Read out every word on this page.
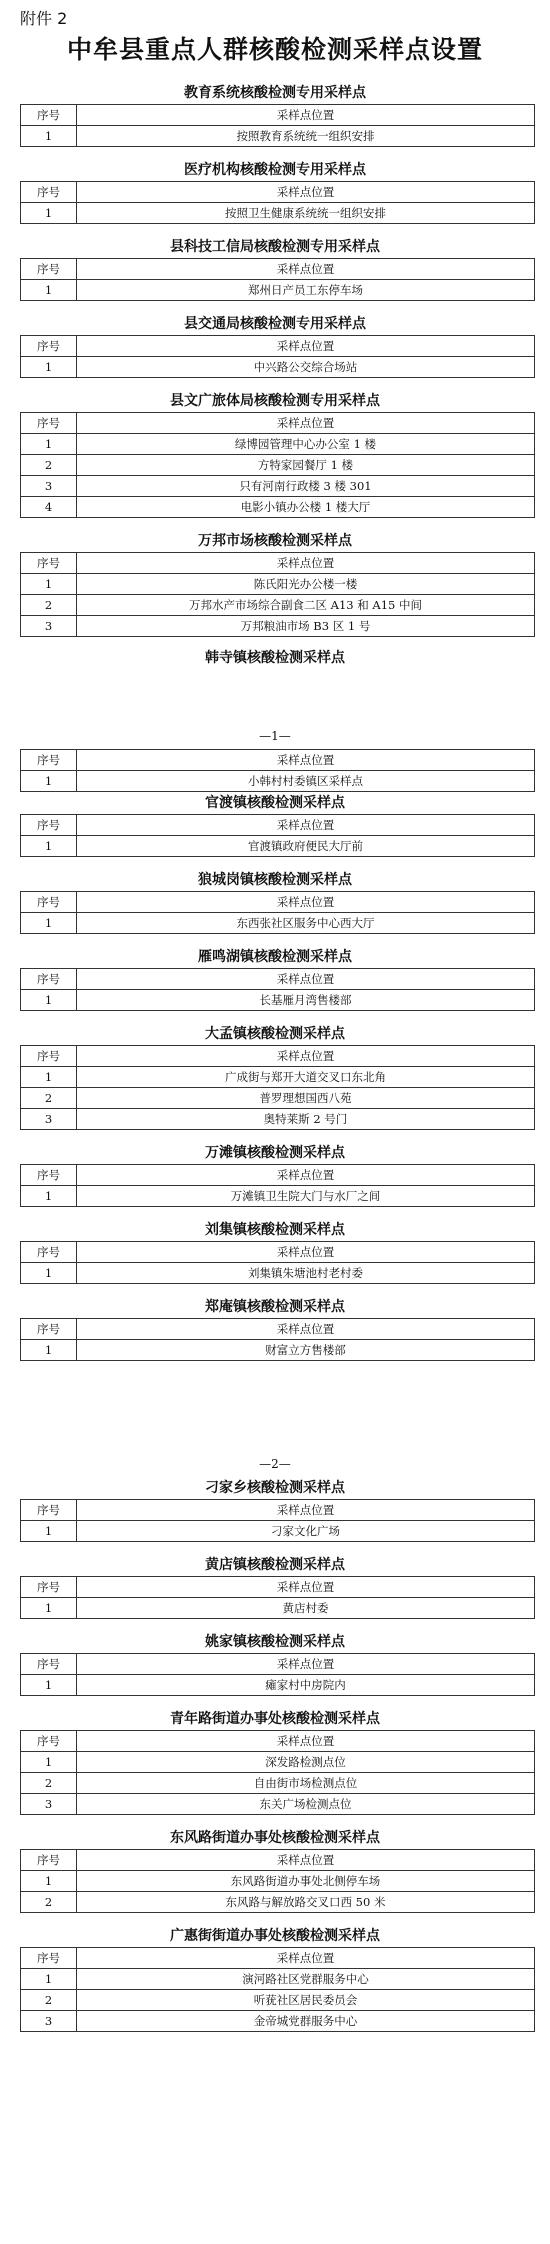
附件 2
中牟县重点人群核酸检测采样点设置
教育系统核酸检测专用采样点
序号	采样点位置
1	按照教育系统统一组织安排
医疗机构核酸检测专用采样点
序号	采样点位置
1	按照卫生健康系统统一组织安排
县科技工信局核酸检测专用采样点
序号	采样点位置
1	郑州日产员工东停车场
县交通局核酸检测专用采样点
序号	采样点位置
1	中兴路公交综合场站
县文广旅体局核酸检测专用采样点
序号	采样点位置
1	绿博园管理中心办公室 1 楼
2	方特家园餐厅 1 楼
3	只有河南行政楼 3 楼 301
4	电影小镇办公楼 1 楼大厅
万邦市场核酸检测采样点
序号	采样点位置
1	陈氏阳光办公楼一楼
2	万邦水产市场综合副食二区 A13 和 A15 中间
3	万邦粮油市场 B3 区 1 号
韩寺镇核酸检测采样点
—1—
序号	采样点位置
1	小韩村村委镇区采样点
官渡镇核酸检测采样点
序号	采样点位置
1	官渡镇政府便民大厅前
狼城岗镇核酸检测采样点
序号	采样点位置
1	东西张社区服务中心西大厅
雁鸣湖镇核酸检测采样点
序号	采样点位置
1	长基雁月湾售楼部
大孟镇核酸检测采样点
序号	采样点位置
1	广成街与郑开大道交叉口东北角
2	普罗理想国西八苑
3	奥特莱斯 2 号门
万滩镇核酸检测采样点
序号	采样点位置
1	万滩镇卫生院大门与水厂之间
刘集镇核酸检测采样点
序号	采样点位置
1	刘集镇朱塘池村老村委
郑庵镇核酸检测采样点
序号	采样点位置
1	财富立方售楼部
—2—
刁家乡核酸检测采样点
序号	采样点位置
1	刁家文化广场
黄店镇核酸检测采样点
序号	采样点位置
1	黄店村委
姚家镇核酸检测采样点
序号	采样点位置
1	瘫家村中房院内
青年路街道办事处核酸检测采样点
序号	采样点位置
1	深发路检测点位
2	自由街市场检测点位
3	东关广场检测点位
东风路街道办事处核酸检测采样点
序号	采样点位置
1	东风路街道办事处北侧停车场
2	东风路与解放路交叉口西 50 米
广惠街街道办事处核酸检测采样点
序号	采样点位置
1	演河路社区党群服务中心
2	听莸社区居民委员会
3	金帝城党群服务中心
